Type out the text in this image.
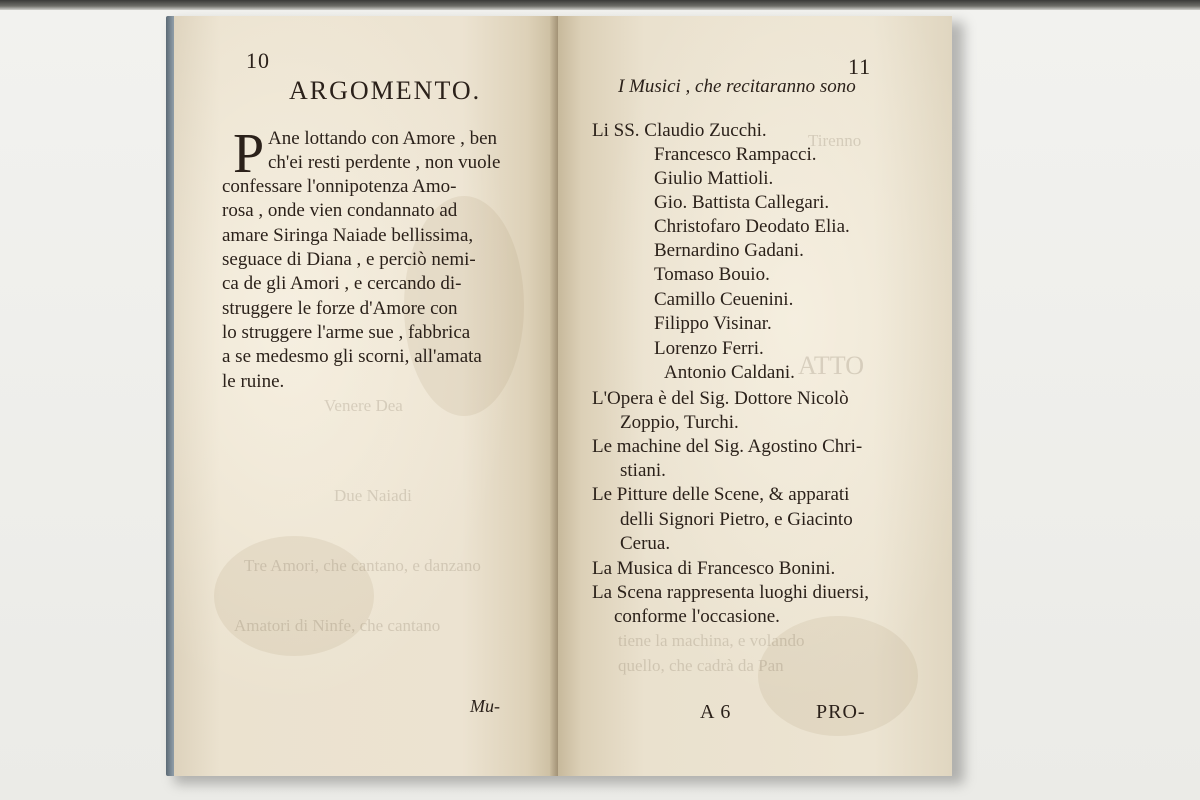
Venere Dea
Due Naiadi
Tre Amori, che cantano, e danzano
Amatori di Ninfe, che cantano
10
ARGOMENTO.
P Ane lottando con Amore , ben
ch'ei resti perdente , non vuole
confessare l'onnipotenza Amo-
rosa , onde vien condannato ad
amare Siringa Naiade bellissima,
seguace di Diana , e perciò nemi-
ca de gli Amori , e cercando di-
struggere le forze d'Amore con
lo struggere l'arme sue , fabbrica
a se medesmo gli scorni, all'amata
le ruine.
Mu-
Tirenno
ATTO
tiene la machina, e volando
quello, che cadrà da Pan
11
I Musici , che recitaranno sono
Li SS. Claudio Zucchi.
Francesco Rampacci.
Giulio Mattioli.
Gio. Battista Callegari.
Christofaro Deodato Elia.
Bernardino Gadani.
Tomaso Bouio.
Camillo Ceuenini.
Filippo Visinar.
Lorenzo Ferri.
Antonio Caldani.
L'Opera è del Sig. Dottore Nicolò
Zoppio, Turchi.
Le machine del Sig. Agostino Chri-
stiani.
Le Pitture delle Scene, & apparati
delli Signori Pietro, e Giacinto
Cerua.
La Musica di Francesco Bonini.
La Scena rappresenta luoghi diuersi,
conforme l'occasione.
A 6	PRO-
